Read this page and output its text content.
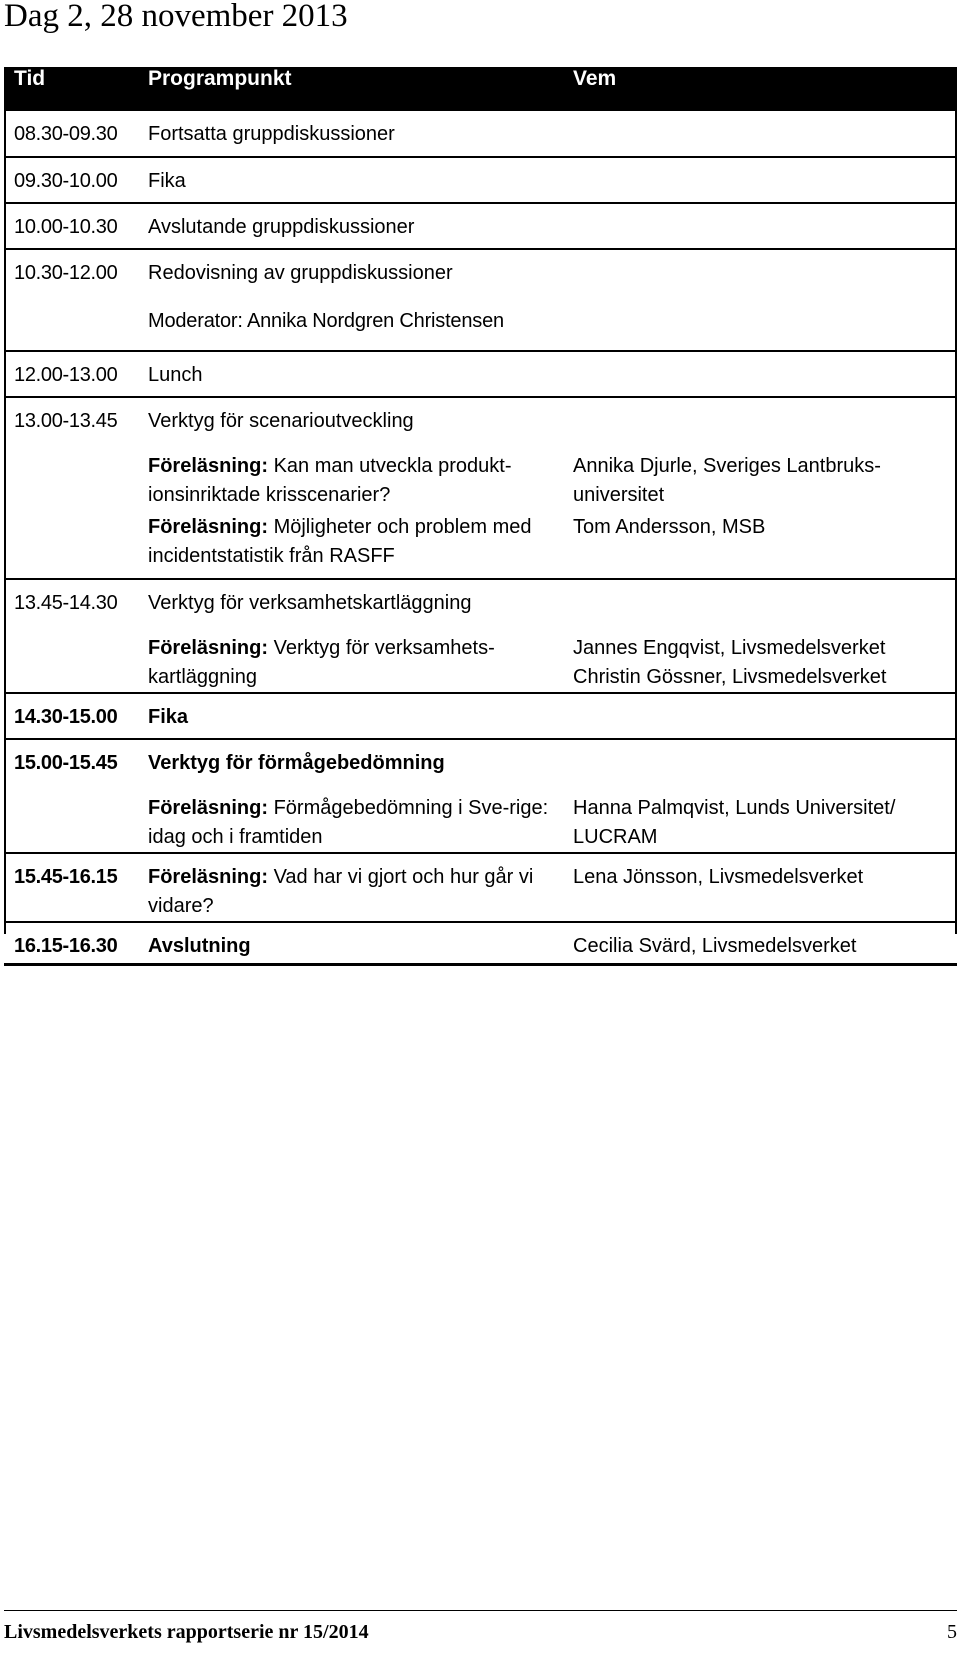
Dag 2, 28 november 2013
Tid	Programpunkt	Vem
08.30-09.30	Fortsatta gruppdiskussioner	
09.30-10.00	Fika	
10.00-10.30	Avslutande gruppdiskussioner	
10.30-12.00	Redovisning av gruppdiskussioner	
	Moderator: Annika Nordgren Christensen	
12.00-13.00	Lunch	
13.00-13.45	Verktyg för scenarioutveckling	
	Föreläsning: Kan man utveckla produkt-ionsinriktade krisscenarier?	Annika Djurle, Sveriges Lantbruks-universitet
	Föreläsning: Möjligheter och problem med incidentstatistik från RASFF	Tom Andersson, MSB
13.45-14.30	Verktyg för verksamhetskartläggning	
	Föreläsning: Verktyg för verksamhets-kartläggning	Jannes Engqvist, Livsmedelsverket
Christin Gössner, Livsmedelsverket

14.30-15.00	Fika	
15.00-15.45	Verktyg för förmågebedömning	
	Föreläsning: Förmågebedömning i Sve-rige: idag och i framtiden	Hanna Palmqvist, Lunds Universitet/ LUCRAM
15.45-16.15	Föreläsning: Vad har vi gjort och hur går vi vidare?	Lena Jönsson, Livsmedelsverket
16.15-16.30	Avslutning	Cecilia Svärd, Livsmedelsverket
Livsmedelsverkets rapportserie nr 15/2014	5
